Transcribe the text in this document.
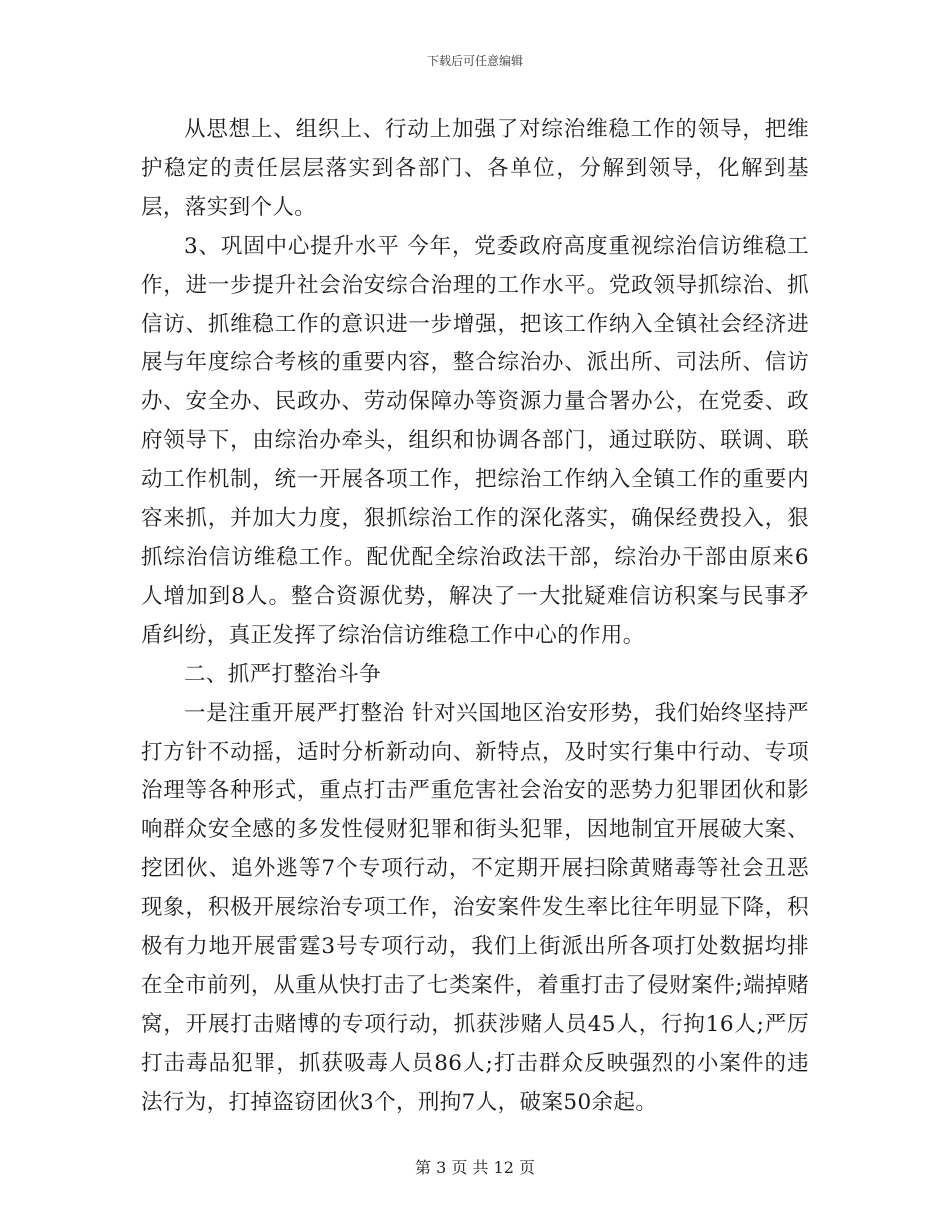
下载后可任意编辑

从思想上、组织上、行动上加强了对综治维稳工作的领导，把维护稳定的责任层层落实到各部门、各单位，分解到领导，化解到基层，落实到个人。

3、巩固中心提升水平 今年，党委政府高度重视综治信访维稳工作，进一步提升社会治安综合治理的工作水平。党政领导抓综治、抓信访、抓维稳工作的意识进一步增强，把该工作纳入全镇社会经济进展与年度综合考核的重要内容，整合综治办、派出所、司法所、信访办、安全办、民政办、劳动保障办等资源力量合署办公，在党委、政府领导下，由综治办牵头，组织和协调各部门，通过联防、联调、联动工作机制，统一开展各项工作，把综治工作纳入全镇工作的重要内容来抓，并加大力度，狠抓综治工作的深化落实，确保经费投入，狠抓综治信访维稳工作。配优配全综治政法干部，综治办干部由原来6人增加到8人。整合资源优势，解决了一大批疑难信访积案与民事矛盾纠纷，真正发挥了综治信访维稳工作中心的作用。

二、抓严打整治斗争

一是注重开展严打整治 针对兴国地区治安形势，我们始终坚持严打方针不动摇，适时分析新动向、新特点，及时实行集中行动、专项治理等各种形式，重点打击严重危害社会治安的恶势力犯罪团伙和影响群众安全感的多发性侵财犯罪和街头犯罪，因地制宜开展破大案、挖团伙、追外逃等7个专项行动，不定期开展扫除黄赌毒等社会丑恶现象，积极开展综治专项工作，治安案件发生率比往年明显下降，积极有力地开展雷霆3号专项行动，我们上街派出所各项打处数据均排在全市前列，从重从快打击了七类案件，着重打击了侵财案件;端掉赌窝，开展打击赌博的专项行动，抓获涉赌人员45人，行拘16人;严厉打击毒品犯罪，抓获吸毒人员86人;打击群众反映强烈的小案件的违法行为，打掉盗窃团伙3个，刑拘7人，破案50余起。

第 3 页 共 12 页
